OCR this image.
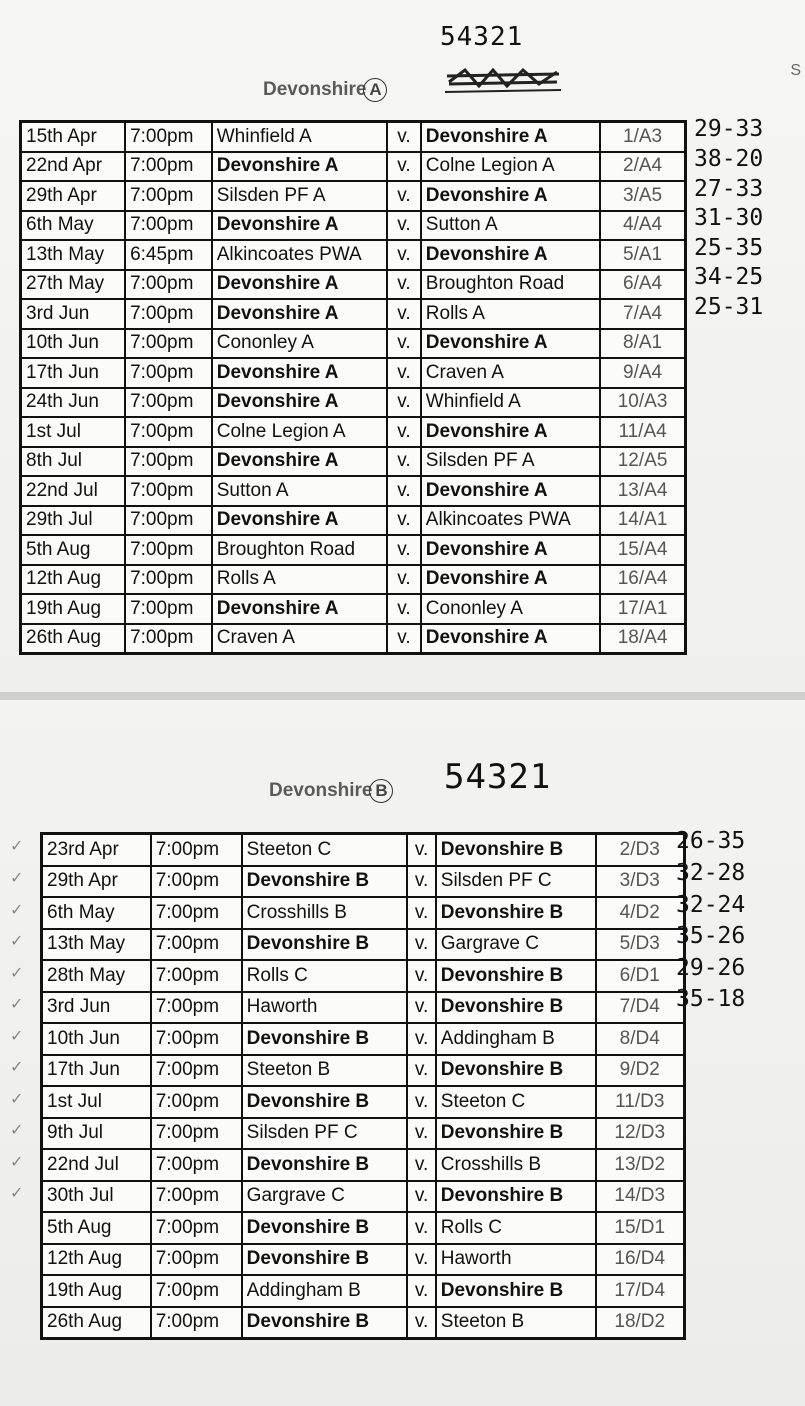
54321
Devonshire A
S
15th Apr	7:00pm	Whinfield A	v.	Devonshire A	1/A3
22nd Apr	7:00pm	Devonshire A	v.	Colne Legion A	2/A4
29th Apr	7:00pm	Silsden PF A	v.	Devonshire A	3/A5
6th May	7:00pm	Devonshire A	v.	Sutton A	4/A4
13th May	6:45pm	Alkincoates PWA	v.	Devonshire A	5/A1
27th May	7:00pm	Devonshire A	v.	Broughton Road	6/A4
3rd Jun	7:00pm	Devonshire A	v.	Rolls A	7/A4
10th Jun	7:00pm	Cononley A	v.	Devonshire A	8/A1
17th Jun	7:00pm	Devonshire A	v.	Craven A	9/A4
24th Jun	7:00pm	Devonshire A	v.	Whinfield A	10/A3
1st Jul	7:00pm	Colne Legion A	v.	Devonshire A	11/A4
8th Jul	7:00pm	Devonshire A	v.	Silsden PF A	12/A5
22nd Jul	7:00pm	Sutton A	v.	Devonshire A	13/A4
29th Jul	7:00pm	Devonshire A	v.	Alkincoates PWA	14/A1
5th Aug	7:00pm	Broughton Road	v.	Devonshire A	15/A4
12th Aug	7:00pm	Rolls A	v.	Devonshire A	16/A4
19th Aug	7:00pm	Devonshire A	v.	Cononley A	17/A1
26th Aug	7:00pm	Craven A	v.	Devonshire A	18/A4
29-33
38-20
27-33
31-30
25-35
34-25
25-31
54321
Devonshire B
23rd Apr	7:00pm	Steeton C	v.	Devonshire B	2/D3
29th Apr	7:00pm	Devonshire B	v.	Silsden PF C	3/D3
6th May	7:00pm	Crosshills B	v.	Devonshire B	4/D2
13th May	7:00pm	Devonshire B	v.	Gargrave C	5/D3
28th May	7:00pm	Rolls C	v.	Devonshire B	6/D1
3rd Jun	7:00pm	Haworth	v.	Devonshire B	7/D4
10th Jun	7:00pm	Devonshire B	v.	Addingham B	8/D4
17th Jun	7:00pm	Steeton B	v.	Devonshire B	9/D2
1st Jul	7:00pm	Devonshire B	v.	Steeton C	11/D3
9th Jul	7:00pm	Silsden PF C	v.	Devonshire B	12/D3
22nd Jul	7:00pm	Devonshire B	v.	Crosshills B	13/D2
30th Jul	7:00pm	Gargrave C	v.	Devonshire B	14/D3
5th Aug	7:00pm	Devonshire B	v.	Rolls C	15/D1
12th Aug	7:00pm	Devonshire B	v.	Haworth	16/D4
19th Aug	7:00pm	Addingham B	v.	Devonshire B	17/D4
26th Aug	7:00pm	Devonshire B	v.	Steeton B	18/D2
26-35
32-28
32-24
35-26
29-26
35-18
✓
✓
✓
✓
✓
✓
✓
✓
✓
✓
✓
✓
